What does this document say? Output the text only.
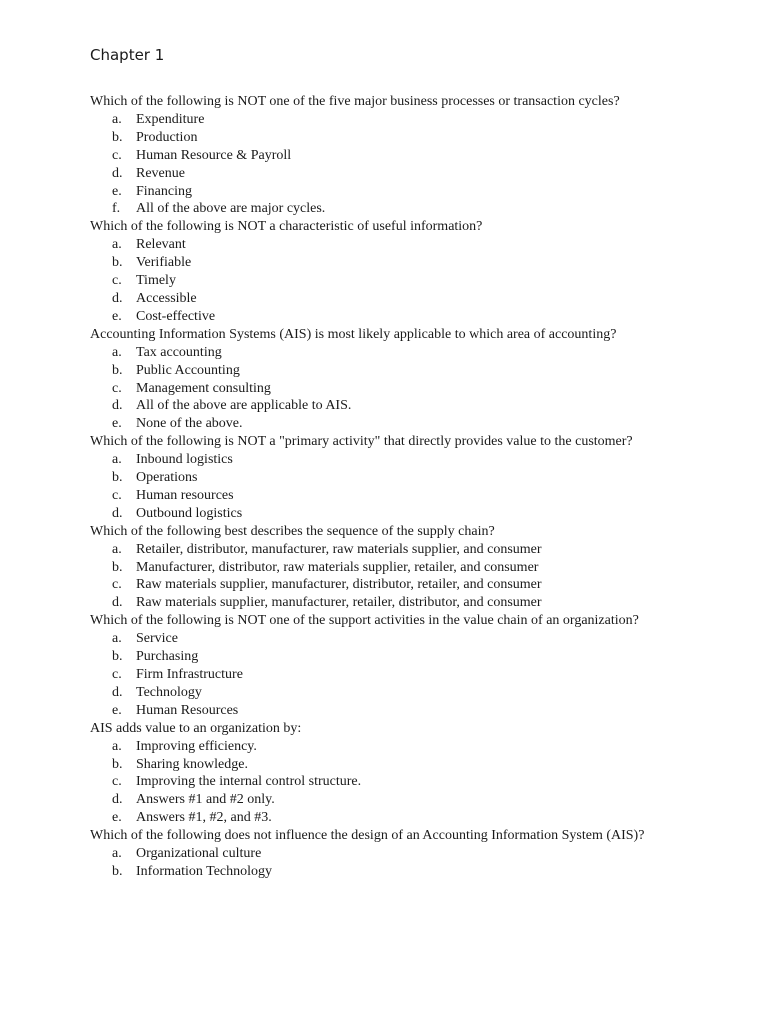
Chapter 1

Which of the following is NOT one of the five major business processes or transaction cycles?

a. Expenditure
b. Production
c. Human Resource & Payroll
d. Revenue
e. Financing
f. All of the above are major cycles.

Which of the following is NOT a characteristic of useful information?

a. Relevant
b. Verifiable
c. Timely
d. Accessible
e. Cost-effective

Accounting Information Systems (AIS) is most likely applicable to which area of accounting?

a. Tax accounting
b. Public Accounting
c. Management consulting
d. All of the above are applicable to AIS.
e. None of the above.

Which of the following is NOT a "primary activity" that directly provides value to the customer?

a. Inbound logistics
b. Operations
c. Human resources
d. Outbound logistics

Which of the following best describes the sequence of the supply chain?

a. Retailer, distributor, manufacturer, raw materials supplier, and consumer
b. Manufacturer, distributor, raw materials supplier, retailer, and consumer
c. Raw materials supplier, manufacturer, distributor, retailer, and consumer
d. Raw materials supplier, manufacturer, retailer, distributor, and consumer

Which of the following is NOT one of the support activities in the value chain of an organization?

a. Service
b. Purchasing
c. Firm Infrastructure
d. Technology
e. Human Resources

AIS adds value to an organization by:

a. Improving efficiency.
b. Sharing knowledge.
c. Improving the internal control structure.
d. Answers #1 and #2 only.
e. Answers #1, #2, and #3.

Which of the following does not influence the design of an Accounting Information System (AIS)?

a. Organizational culture
b. Information Technology
